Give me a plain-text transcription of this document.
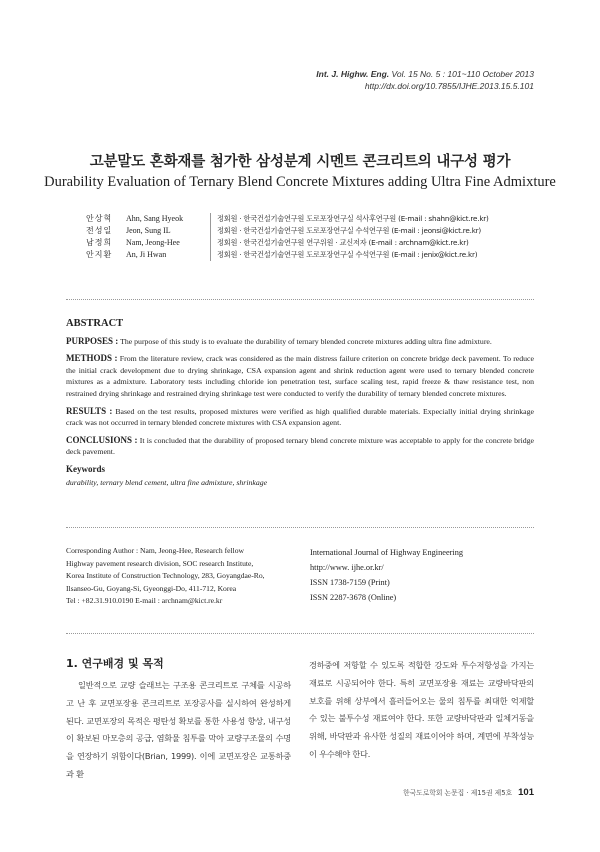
Int. J. Highw. Eng. Vol. 15 No. 5 : 101~110 October 2013
http://dx.doi.org/10.7855/IJHE.2013.15.5.101
고분말도 혼화재를 첨가한 삼성분계 시멘트 콘크리트의 내구성 평가
Durability Evaluation of Ternary Blend Concrete Mixtures adding Ultra Fine Admixture
안상혁	Ahn, Sang Hyeok	정회원 · 한국건설기술연구원 도로포장연구실 석사후연구원 (E-mail : shahn@kict.re.kr)
전성일	Jeon, Sung IL	정회원 · 한국건설기술연구원 도로포장연구실 수석연구원 (E-mail : jeonsi@kict.re.kr)
남정희	Nam, Jeong-Hee	정회원 · 한국건설기술연구원 연구위원 · 교신저자 (E-mail : archnam@kict.re.kr)
안지환	An, Ji Hwan	정회원 · 한국건설기술연구원 도로포장연구실 수석연구원 (E-mail : jenix@kict.re.kr)
ABSTRACT

PURPOSES : The purpose of this study is to evaluate the durability of ternary blended concrete mixtures adding ultra fine admixture.

METHODS : From the literature review, crack was considered as the main distress failure criterion on concrete bridge deck pavement. To reduce the initial crack development due to drying shrinkage, CSA expansion agent and shrink reduction agent were used to ternary blended concrete mixtures as a admixture. Laboratory tests including chloride ion penetration test, surface scaling test, rapid freeze & thaw resistance test, non restrained drying shrinkage and restrained drying shrinkage test were conducted to verify the durability of ternary blended concrete mixtures.

RESULTS : Based on the test results, proposed mixtures were verified as high qualified durable materials. Expecially initial drying shrinkage crack was not occurred in ternary blended concrete mixtures with CSA expansion agent.

CONCLUSIONS : It is concluded that the durability of proposed ternary blend concrete mixture was acceptable to apply for the concrete bridge deck pavement.

Keywords
durability, ternary blend cement, ultra fine admixture, shrinkage
Corresponding Author : Nam, Jeong-Hee, Research fellow
Highway pavement research division, SOC research Institute,
Korea Institute of Construction Technology, 283, Goyangdae-Ro,
Ilsanseo-Gu, Goyang-Si, Gyeonggi-Do, 411-712, Korea
Tel : +82.31.910.0190 E-mail : archnam@kict.re.kr
International Journal of Highway Engineering
http://www. ijhe.or.kr/
ISSN 1738-7159 (Print)
ISSN 2287-3678 (Online)
1. 연구배경 및 목적
일반적으로 교량 슬래브는 구조용 콘크리트로 구체를 시공하고 난 후 교면포장용 콘크리트로 포장공사를 실시하여 완성하게 된다. 교면포장의 목적은 평탄성 확보를 통한 사용성 향상, 내구성이 확보된 마모층의 공급, 염화물 침투를 막아 교량구조물의 수명을 연장하기 위함이다(Brian, 1999). 이에 교면포장은 교통하중과 환
경하중에 저항할 수 있도록 적합한 강도와 투수저항성을 가지는 재료로 시공되어야 한다. 특히 교면포장용 재료는 교량바닥판의 보호를 위해 상부에서 흘러들어오는 물의 침투를 최대한 억제할 수 있는 불투수성 재료여야 한다. 또한 교량바닥판과 일체거동을 위해, 바닥판과 유사한 성질의 재료이어야 하며, 계면에 부착성능이 우수해야 한다.
한국도로학회 논문집 · 제15권 제5호 101
